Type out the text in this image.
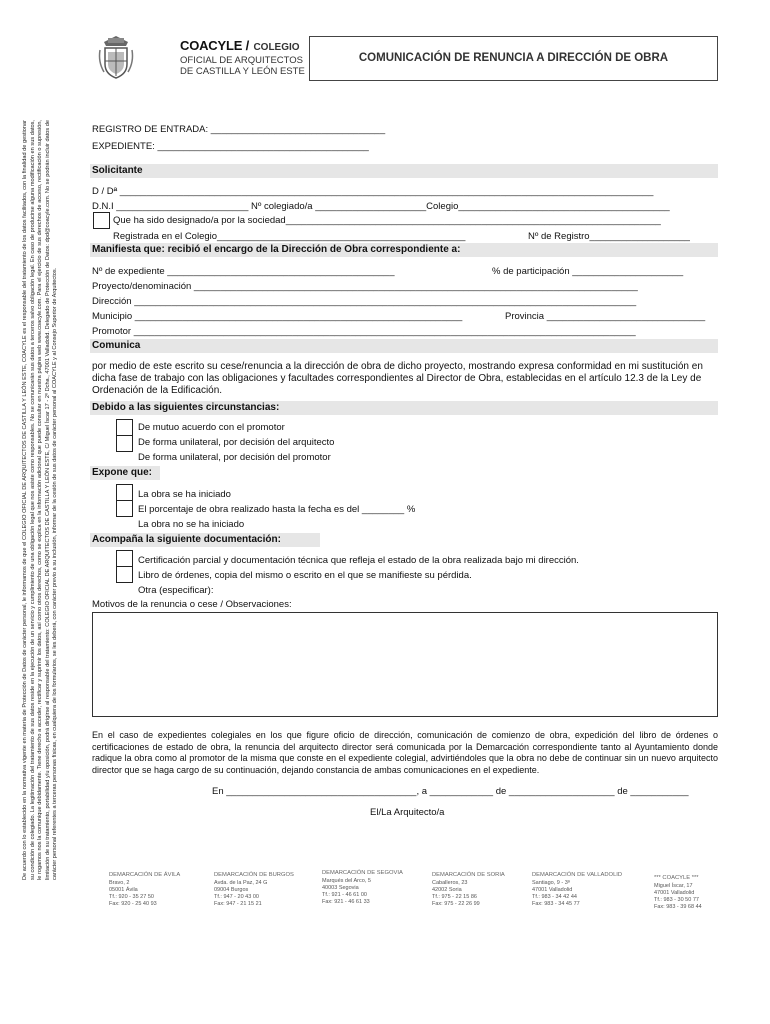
De acuerdo con lo establecido en la normativa vigente en materia de Protección de Datos de carácter personal, le informamos de que el COLEGIO OFICIAL DE ARQUITECTOS DE CASTILLA Y LEÓN ESTE, COACYLE es el responsable del tratamiento de los datos facilitados, con la finalidad de gestionar su condición de colegiado. La legitimación del tratamiento de sus datos reside en la ejecución de un servicio y cumplimiento de una obligación legal que nos asiste como responsables. No se comunicarán sus datos a terceros salvo obligación legal. En caso de producirse alguna modificación en sus datos, le rogamos nos la comunique debidamente. Tiene derecho a acceder, rectificar y suprimir los datos, así como otros derechos, como se explica en la información adicional que puede consultar en nuestra página web www.coacyle.com. Para el ejercicio de sus derechos de acceso, rectificación o supresión, limitación de su tratamiento, portabilidad y/u oposición, podrá dirigirse al responsable del tratamiento: COLEGIO OFICIAL DE ARQUITECTOS DE CASTILLA Y LEÓN ESTE, C/ Miguel Íscar 17 - 2º Dcha., 47001 Valladolid. Delegado de Protección de Datos: dpd@coacyle.com. No se podrán incluir datos de carácter personal referentes a terceras personas físicas, en cualquiera de los formularios, se les deberá, con carácter previo a su inclusión, informar de la cesión de sus datos de carácter personal al COACYLE y al Consejo Superior de Arquitectos.
COACYLE / COLEGIO
OFICIAL DE ARQUITECTOS
DE CASTILLA Y LEÓN ESTE
COMUNICACIÓN DE RENUNCIA A DIRECCIÓN DE OBRA
REGISTRO DE ENTRADA: _________________________________
EXPEDIENTE: ________________________________________
Solicitante
D / Dª _____________________________________________________________________________________________________
D.N.I _________________________ Nº colegiado/a _____________________Colegio________________________________________
Que ha sido designado/a por la sociedad_______________________________________________________________________
Registrada en el Colegio_______________________________________________	Nº de Registro___________________
Manifiesta que: recibió el encargo de la Dirección de Obra correspondiente a:
Nº de expediente ___________________________________________	% de participación _____________________
Proyecto/denominación ____________________________________________________________________________________
Dirección _______________________________________________________________________________________________
Municipio ______________________________________________________________	Provincia ______________________________
Promotor _______________________________________________________________________________________________
Comunica
por medio de este escrito su cese/renuncia a la dirección de obra de dicho proyecto, mostrando expresa conformidad en mi sustitución en dicha fase de trabajo con las obligaciones y facultades correspondientes al Director de Obra, establecidas en el artículo 12.3 de la Ley de Ordenación de la Edificación.
Debido a las siguientes circunstancias:
De mutuo acuerdo con el promotor
De forma unilateral, por decisión del arquitecto
De forma unilateral, por decisión del promotor
Expone que:
La obra se ha iniciado
El porcentaje de obra realizado hasta la fecha es del ________ %
La obra no se ha iniciado
Acompaña la siguiente documentación:
Certificación parcial y documentación técnica que refleja el estado de la obra realizada bajo mi dirección.
Libro de órdenes, copia del mismo o escrito en el que se manifieste su pérdida.
Otra (especificar):
Motivos de la renuncia o cese / Observaciones:
En el caso de expedientes colegiales en los que figure oficio de dirección, comunicación de comienzo de obra, expedición del libro de órdenes o certificaciones de estado de obra, la renuncia del arquitecto director será comunicada por la Demarcación correspondiente tanto al Ayuntamiento donde radique la obra como al promotor de la misma que conste en el expediente colegial, advirtiéndoles que la obra no debe de continuar sin un nuevo arquitecto director que se haga cargo de su continuación, dejando constancia de ambas comunicaciones en el expediente.
En ____________________________________, a ____________ de ____________________ de ___________
El/La Arquitecto/a
DEMARCACIÓN DE ÁVILA
Bravo, 2
05001 Ávila
Tf.: 920 - 35 27 50
Fax: 920 - 25 40 93
DEMARCACIÓN DE BURGOS
Avda. de la Paz, 24 G
09004 Burgos
Tf.: 947 - 20 43 00
Fax: 947 - 21 15 21
DEMARCACIÓN DE SEGOVIA
Marqués del Arco, 5
40003 Segovia
Tf.: 921 - 46 61 00
Fax: 921 - 46 61 33
DEMARCACIÓN DE SORIA
Caballeros, 23
42002 Soria
Tf.: 975 - 22 15 86
Fax: 975 - 22 26 99
DEMARCACIÓN DE VALLADOLID
Santiago, 9 - 3ª
47001 Valladolid
Tf.: 983 - 34 42 44
Fax: 983 - 34 45 77
*** COACYLE ***
Miguel Íscar, 17
47001 Valladolid
Tf.: 983 - 30 50 77
Fax: 983 - 39 68 44
